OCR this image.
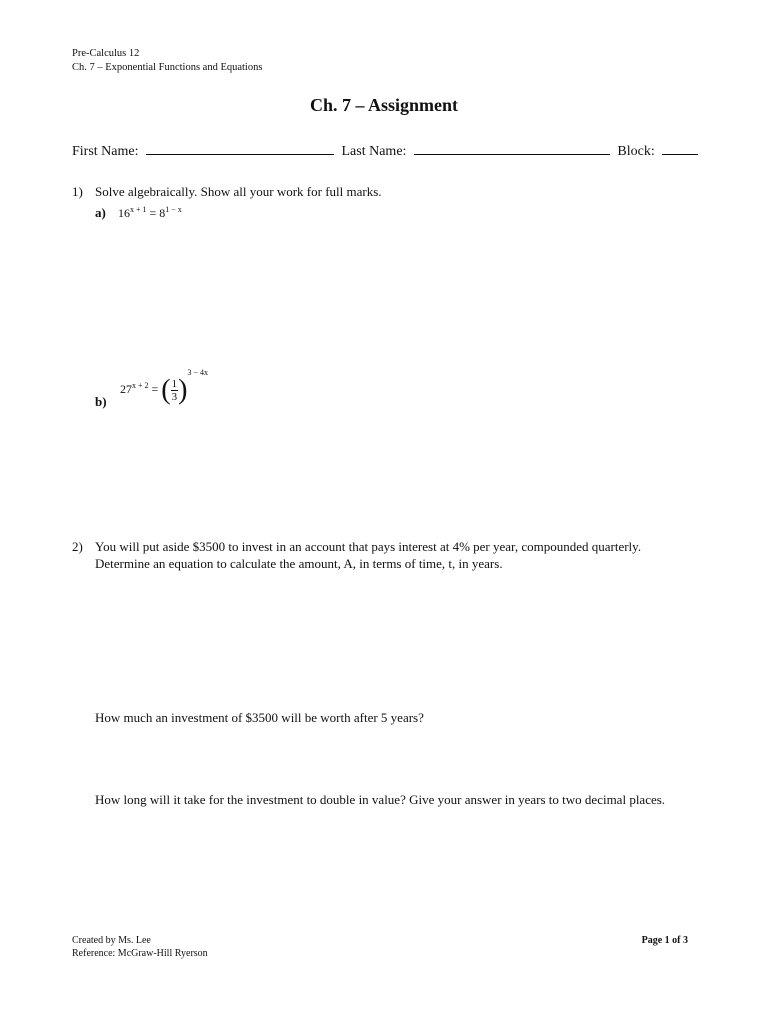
Pre-Calculus 12
Ch. 7 – Exponential Functions and Equations
Ch. 7 – Assignment
First Name:	Last Name:	Block:
1) Solve algebraically. Show all your work for full marks.
a) $16^{x + 1} = 8^{1 - x}$
$27^{x + 2}$ = ( $\frac{1}{3} )^{3 - 4x}$
b)
2) You will put aside $3500 to invest in an account that pays interest at 4% per year, compounded quarterly.
Determine an equation to calculate the amount, A, in terms of time, t, in years.
How much an investment of $3500 will be worth after 5 years?
How long will it take for the investment to double in value? Give your answer in years to two decimal places.
Created by Ms. Lee
Reference: McGraw-Hill Ryerson
Page 1 of 3
